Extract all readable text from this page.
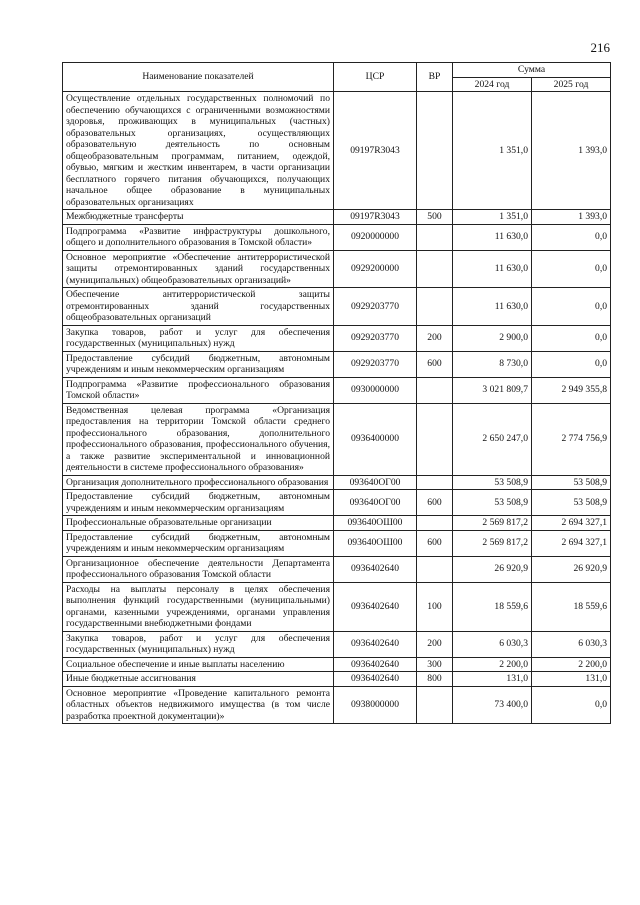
216
Наименование показателей	ЦСР	ВР	Сумма	
			2024 год	2025 год
Осуществление отдельных государственных полномочий по обеспечению обучающихся с ограниченными возможностями здоровья, проживающих в муниципальных (частных) образовательных организациях, осуществляющих образовательную деятельность по основным общеобразовательным программам, питанием, одеждой, обувью, мягким и жестким инвентарем, в части организации бесплатного горячего питания обучающихся, получающих начальное общее образование в муниципальных образовательных организациях	09197R3043		1 351,0	1 393,0
Межбюджетные трансферты	09197R3043	500	1 351,0	1 393,0
Подпрограмма «Развитие инфраструктуры дошкольного, общего и дополнительного образования в Томской области»	0920000000		11 630,0	0,0
Основное мероприятие «Обеспечение антитеррористической защиты отремонтированных зданий государственных (муниципальных) общеобразовательных организаций»	0929200000		11 630,0	0,0
Обеспечение антитеррористической защиты отремонтированных зданий государственных общеобразовательных организаций	0929203770		11 630,0	0,0
Закупка товаров, работ и услуг для обеспечения государственных (муниципальных) нужд	0929203770	200	2 900,0	0,0
Предоставление субсидий бюджетным, автономным учреждениям и иным некоммерческим организациям	0929203770	600	8 730,0	0,0
Подпрограмма «Развитие профессионального образования Томской области»	0930000000		3 021 809,7	2 949 355,8
Ведомственная целевая программа «Организация предоставления на территории Томской области среднего профессионального образования, дополнительного профессионального образования, профессионального обучения, а также развитие экспериментальной и инновационной деятельности в системе профессионального образования»	0936400000		2 650 247,0	2 774 756,9
Организация дополнительного профессионального образования	093640ОГ00		53 508,9	53 508,9
Предоставление субсидий бюджетным, автономным учреждениям и иным некоммерческим организациям	093640ОГ00	600	53 508,9	53 508,9
Профессиональные образовательные организации	093640ОШ00		2 569 817,2	2 694 327,1
Предоставление субсидий бюджетным, автономным учреждениям и иным некоммерческим организациям	093640ОШ00	600	2 569 817,2	2 694 327,1
Организационное обеспечение деятельности Департамента профессионального образования Томской области	0936402640		26 920,9	26 920,9
Расходы на выплаты персоналу в целях обеспечения выполнения функций государственными (муниципальными) органами, казенными учреждениями, органами управления государственными внебюджетными фондами	0936402640	100	18 559,6	18 559,6
Закупка товаров, работ и услуг для обеспечения государственных (муниципальных) нужд	0936402640	200	6 030,3	6 030,3
Социальное обеспечение и иные выплаты населению	0936402640	300	2 200,0	2 200,0
Иные бюджетные ассигнования	0936402640	800	131,0	131,0
Основное мероприятие «Проведение капитального ремонта областных объектов недвижимого имущества (в том числе разработка проектной документации)»	0938000000		73 400,0	0,0
